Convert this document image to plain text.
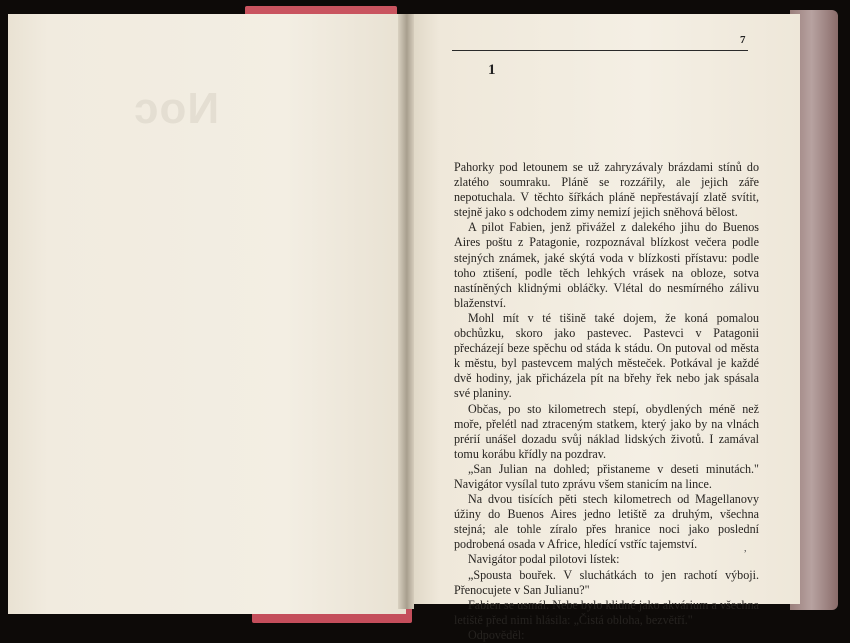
Noc
7
1

Pahorky pod letounem se už zahryzávaly brázdami stínů do zlatého soumraku. Pláně se rozzářily, ale jejich záře nepotuchala. V těchto šířkách pláně nepřestávají zlatě svítit, stejně jako s odchodem zimy nemizí jejich sněhová bělost.

A pilot Fabien, jenž přivážel z dalekého jihu do Buenos Aires poštu z Patagonie, rozpoznával blízkost večera podle stejných známek, jaké skýtá voda v blízkosti přístavu: podle toho ztišení, podle těch lehkých vrásek na obloze, sotva nastíněných klidnými obláčky. Vlétal do nesmírného zálivu blaženství.

Mohl mít v té tišině také dojem, že koná pomalou obchůzku, skoro jako pastevec. Pastevci v Patagonii přecházejí beze spěchu od stáda k stádu. On putoval od města k městu, byl pastevcem malých městeček. Potkával je každé dvě hodiny, jak přicházela pít na břehy řek nebo jak spásala své planiny.

Občas, po sto kilometrech stepí, obydlených méně než moře, přelétl nad ztraceným statkem, který jako by na vlnách prérií unášel dozadu svůj náklad lidských životů. I zamával tomu korábu křídly na pozdrav.

„San Julian na dohled; přistaneme v deseti minutách." Navigátor vysílal tuto zprávu všem stanicím na lince.

Na dvou tisících pěti stech kilometrech od Magellanovy úžiny do Buenos Aires jedno letiště za druhým, všechna stejná; ale tohle zíralo přes hranice noci jako poslední podrobená osada v Africe, hledící vstříc tajemství.

Navigátor podal pilotovi lístek:

„Spousta bouřek. V sluchátkách to jen rachotí výboji. Přenocujete v San Julianu?"

Fabien se usmál. Nebe bylo klidné jako akvárium a všechna letiště před nimi hlásila: „Čistá obloha, bezvětří."

Odpověděl:

,
